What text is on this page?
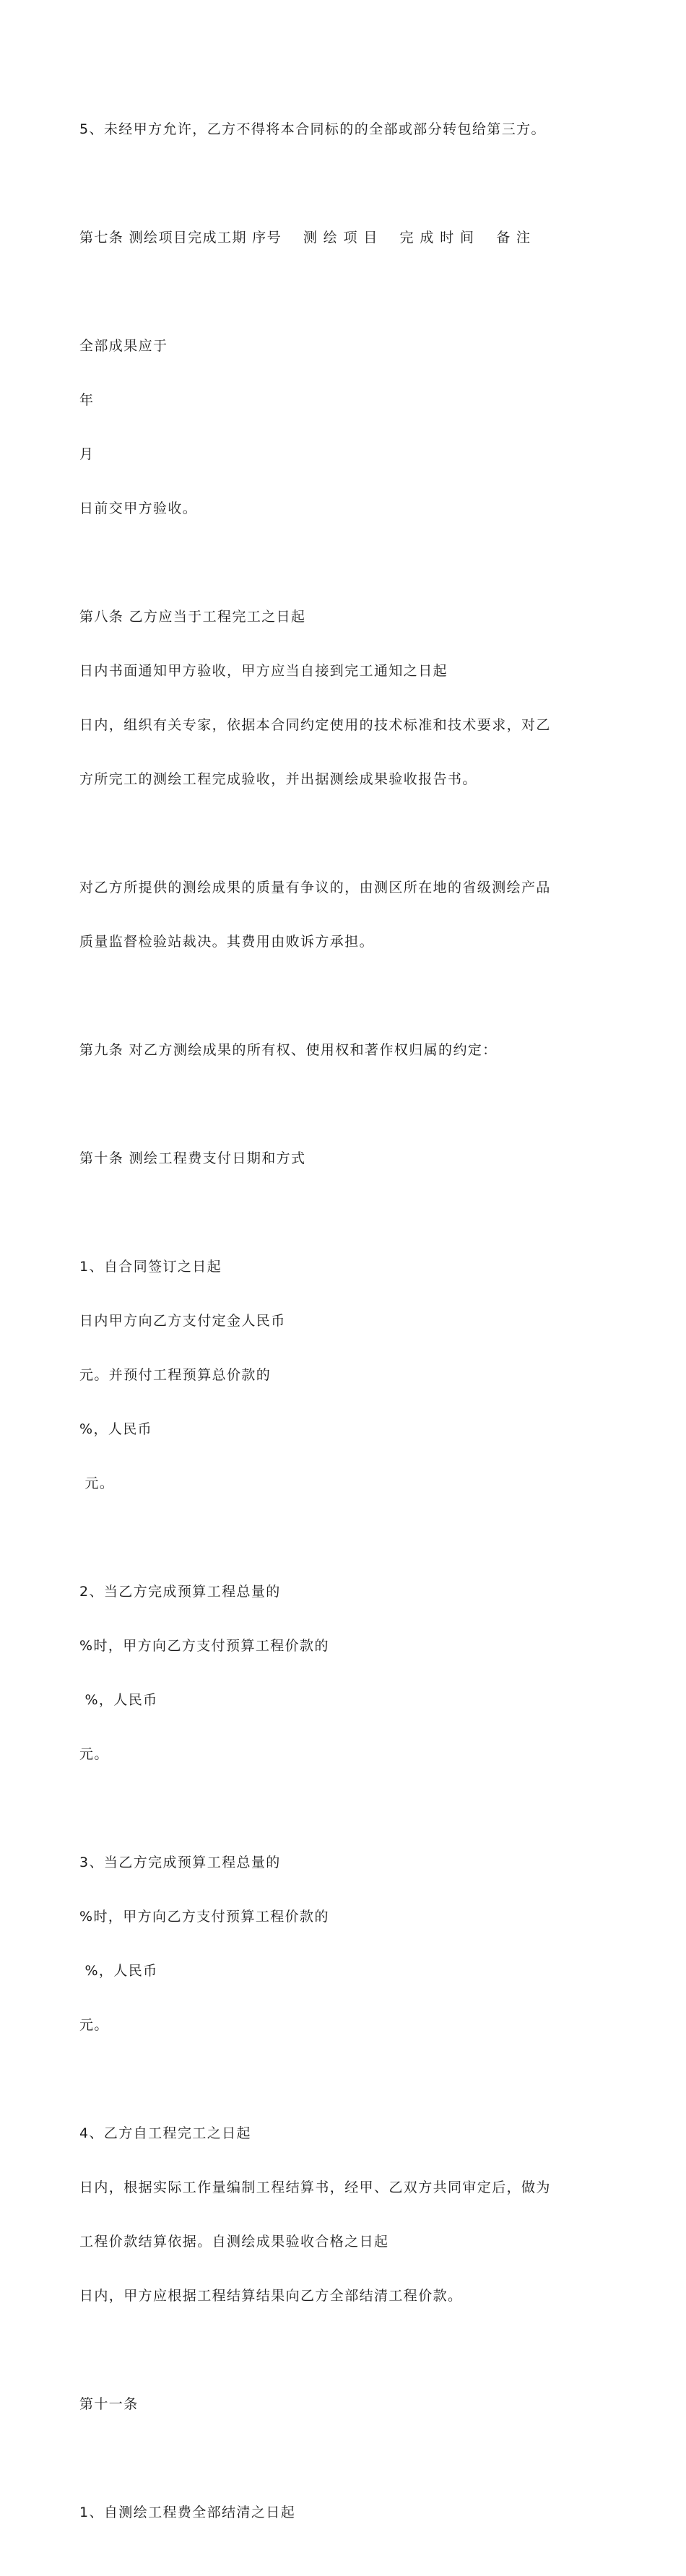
5、未经甲方允许，乙方不得将本合同标的的全部或部分转包给第三方。

第七条 测绘项目完成工期 序号    测 绘 项 目    完 成 时 间    备 注

全部成果应于

年

月

日前交甲方验收。

第八条 乙方应当于工程完工之日起

日内书面通知甲方验收，甲方应当自接到完工通知之日起

日内，组织有关专家，依据本合同约定使用的技术标准和技术要求，对乙

方所完工的测绘工程完成验收，并出据测绘成果验收报告书。

对乙方所提供的测绘成果的质量有争议的，由测区所在地的省级测绘产品

质量监督检验站裁决。其费用由败诉方承担。

第九条 对乙方测绘成果的所有权、使用权和著作权归属的约定：

第十条 测绘工程费支付日期和方式

1、自合同签订之日起

日内甲方向乙方支付定金人民币

元。并预付工程预算总价款的

%，人民币

元。

2、当乙方完成预算工程总量的

%时，甲方向乙方支付预算工程价款的

%，人民币

元。

3、当乙方完成预算工程总量的

%时，甲方向乙方支付预算工程价款的

%，人民币

元。

4、乙方自工程完工之日起

日内，根据实际工作量编制工程结算书，经甲、乙双方共同审定后，做为

工程价款结算依据。自测绘成果验收合格之日起

日内，甲方应根据工程结算结果向乙方全部结清工程价款。

第十一条

1、自测绘工程费全部结清之日起
